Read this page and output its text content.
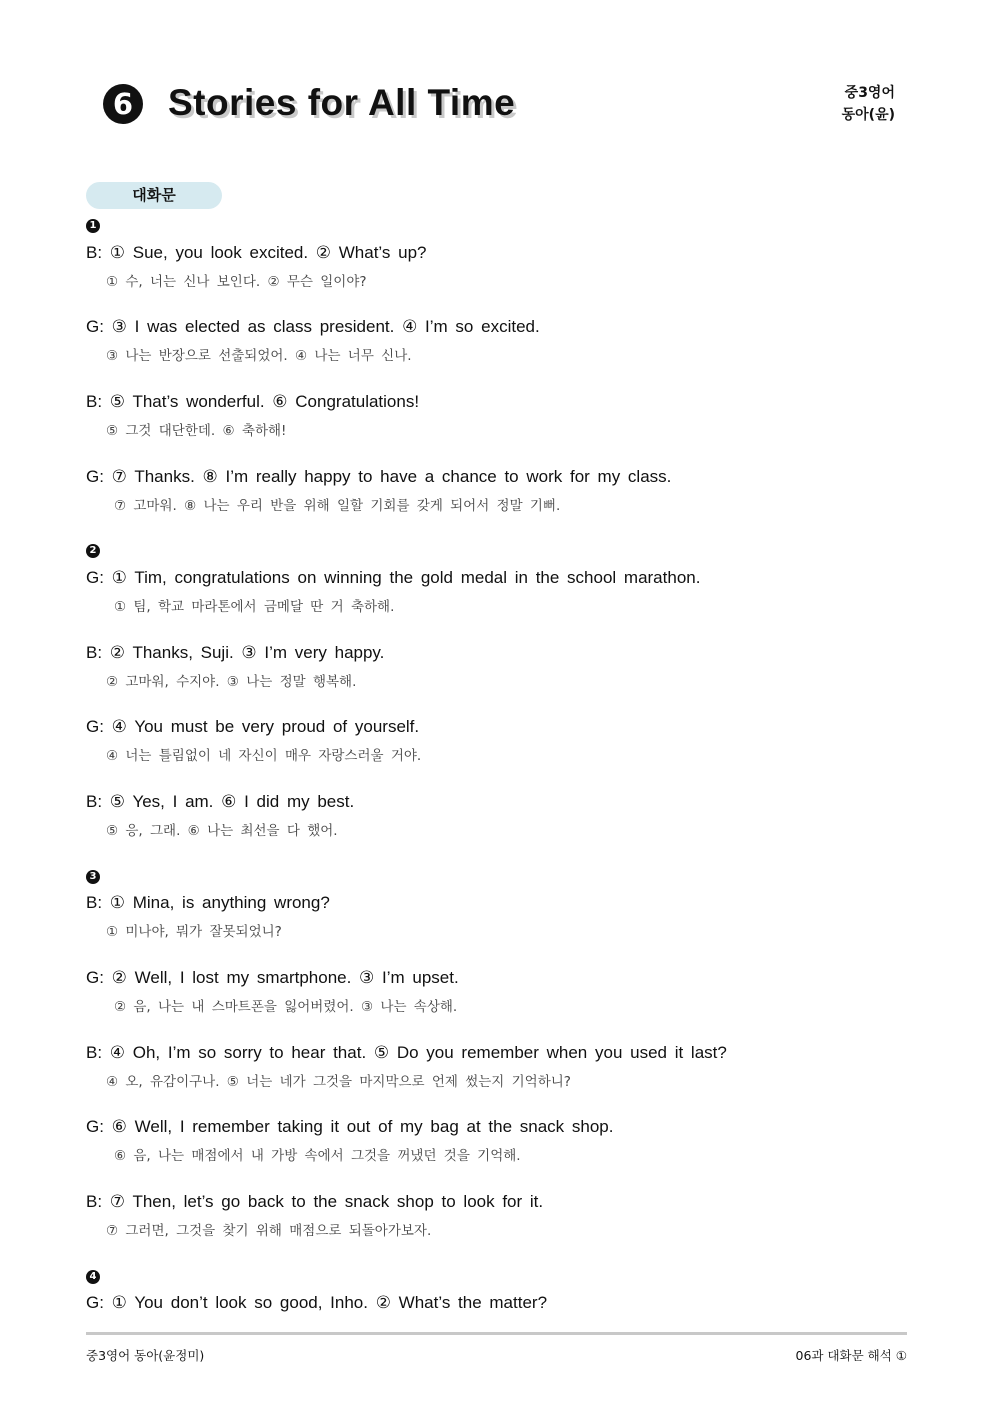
6 Stories for All Time	중3영어
동아(윤)
대화문
1
B: ① Sue, you look excited. ② What’s up?
① 수, 너는 신나 보인다. ② 무슨 일이야?
G: ③ I was elected as class president. ④ I’m so excited.
③ 나는 반장으로 선출되었어. ④ 나는 너무 신나.
B: ⑤ That’s wonderful. ⑥ Congratulations!
⑤ 그것 대단한데. ⑥ 축하해!
G: ⑦ Thanks. ⑧ I’m really happy to have a chance to work for my class.
⑦ 고마워. ⑧ 나는 우리 반을 위해 일할 기회를 갖게 되어서 정말 기뻐.
2
G: ① Tim, congratulations on winning the gold medal in the school marathon.
① 팀, 학교 마라톤에서 금메달 딴 거 축하해.
B: ② Thanks, Suji. ③ I’m very happy.
② 고마워, 수지야. ③ 나는 정말 행복해.
G: ④ You must be very proud of yourself.
④ 너는 틀림없이 네 자신이 매우 자랑스러울 거야.
B: ⑤ Yes, I am. ⑥ I did my best.
⑤ 응, 그래. ⑥ 나는 최선을 다 했어.
3
B: ① Mina, is anything wrong?
① 미나야, 뭐가 잘못되었니?
G: ② Well, I lost my smartphone. ③ I’m upset.
② 음, 나는 내 스마트폰을 잃어버렸어. ③ 나는 속상해.
B: ④ Oh, I’m so sorry to hear that. ⑤ Do you remember when you used it last?
④ 오, 유감이구나. ⑤ 너는 네가 그것을 마지막으로 언제 썼는지 기억하니?
G: ⑥ Well, I remember taking it out of my bag at the snack shop.
⑥ 음, 나는 매점에서 내 가방 속에서 그것을 꺼냈던 것을 기억해.
B: ⑦ Then, let’s go back to the snack shop to look for it.
⑦ 그러면, 그것을 찾기 위해 매점으로 되돌아가보자.
4
G: ① You don’t look so good, Inho. ② What’s the matter?
중3영어 동아(윤정미)	06과 대화문 해석 ①
